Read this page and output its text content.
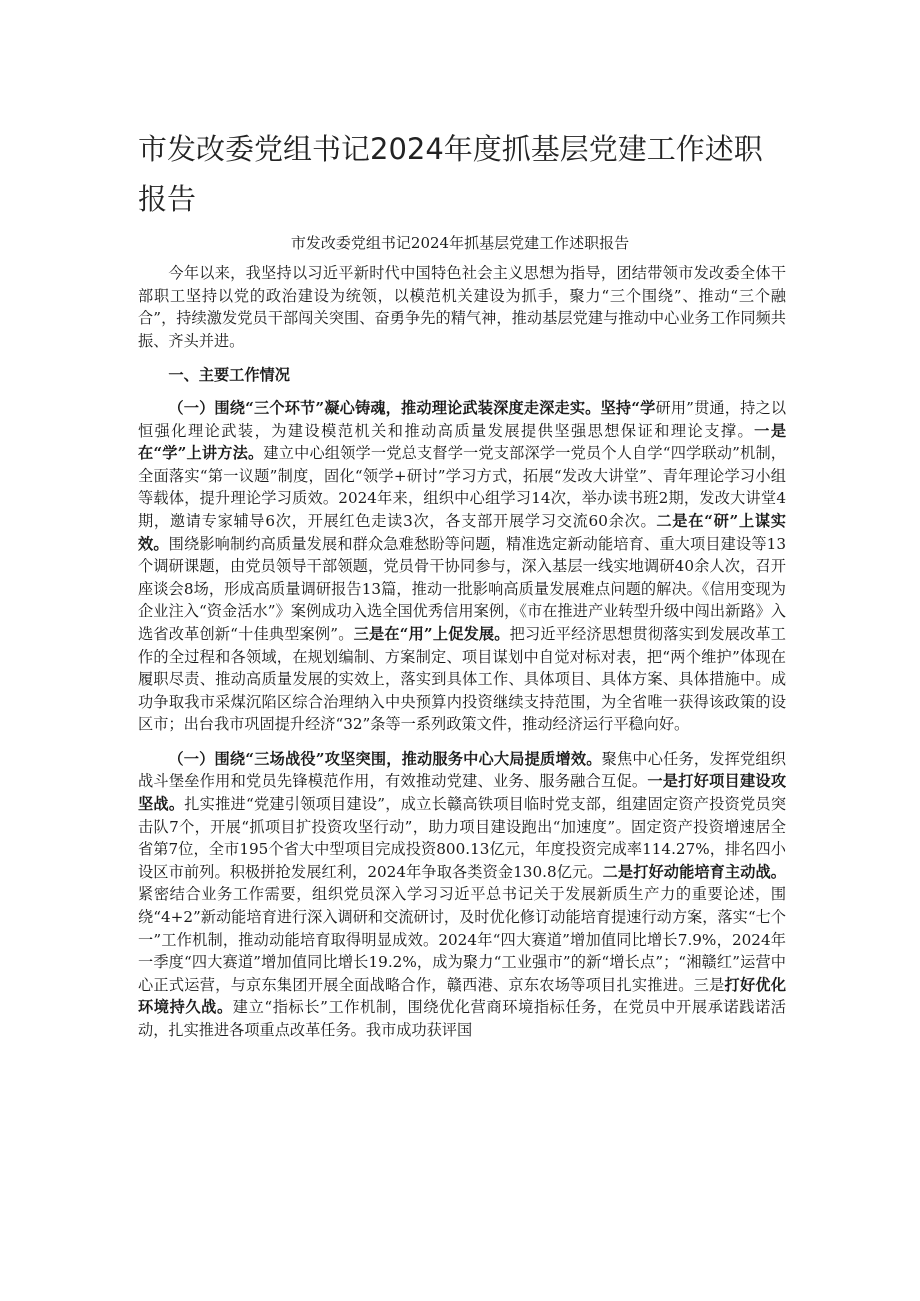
市发改委党组书记2024年度抓基层党建工作述职报告
市发改委党组书记2024年抓基层党建工作述职报告

今年以来，我坚持以习近平新时代中国特色社会主义思想为指导，团结带领市发改委全体干部职工坚持以党的政治建设为统领，以模范机关建设为抓手，聚力“三个围绕”、推动“三个融合”，持续激发党员干部闯关突围、奋勇争先的精气神，推动基层党建与推动中心业务工作同频共振、齐头并进。

一、主要工作情况

（一）围绕“三个环节”凝心铸魂，推动理论武装深度走深走实。坚持“学研用”贯通，持之以恒强化理论武装，为建设模范机关和推动高质量发展提供坚强思想保证和理论支撑。一是在“学”上讲方法。建立中心组领学一党总支督学一党支部深学一党员个人自学“四学联动”机制，全面落实“第一议题”制度，固化“领学+研讨”学习方式，拓展“发改大讲堂”、青年理论学习小组等载体，提升理论学习质效。2024年来，组织中心组学习14次，举办读书班2期，发改大讲堂4期，邀请专家辅导6次，开展红色走读3次，各支部开展学习交流60余次。二是在“研”上谋实效。围绕影响制约高质量发展和群众急难愁盼等问题，精准选定新动能培育、重大项目建设等13个调研课题，由党员领导干部领题，党员骨干协同参与，深入基层一线实地调研40余人次，召开座谈会8场，形成高质量调研报告13篇，推动一批影响高质量发展难点问题的解决。《信用变现为企业注入“资金活水”》案例成功入选全国优秀信用案例，《市在推进产业转型升级中闯出新路》入选省改革创新“十佳典型案例”。三是在“用”上促发展。把习近平经济思想贯彻落实到发展改革工作的全过程和各领域，在规划编制、方案制定、项目谋划中自觉对标对表，把“两个维护”体现在履职尽责、推动高质量发展的实效上，落实到具体工作、具体项目、具体方案、具体措施中。成功争取我市采煤沉陷区综合治理纳入中央预算内投资继续支持范围，为全省唯一获得该政策的设区市；出台我市巩固提升经济“32”条等一系列政策文件，推动经济运行平稳向好。

（一）围绕“三场战役”攻坚突围，推动服务中心大局提质增效。聚焦中心任务，发挥党组织战斗堡垒作用和党员先锋模范作用，有效推动党建、业务、服务融合互促。一是打好项目建设攻坚战。扎实推进“党建引领项目建设”，成立长赣高铁项目临时党支部，组建固定资产投资党员突击队7个，开展“抓项目扩投资攻坚行动”，助力项目建设跑出“加速度”。固定资产投资增速居全省第7位，全市195个省大中型项目完成投资800.13亿元，年度投资完成率114.27%，排名四小设区市前列。积极拼抢发展红利，2024年争取各类资金130.8亿元。二是打好动能培育主动战。紧密结合业务工作需要，组织党员深入学习习近平总书记关于发展新质生产力的重要论述，围绕“4+2”新动能培育进行深入调研和交流研讨，及时优化修订动能培育提速行动方案，落实“七个一”工作机制，推动动能培育取得明显成效。2024年“四大赛道”增加值同比增长7.9%，2024年一季度“四大赛道”增加值同比增长19.2%，成为聚力“工业强市”的新“增长点”；“湘赣红”运营中心正式运营，与京东集团开展全面战略合作，赣西港、京东农场等项目扎实推进。三是打好优化环境持久战。建立“指标长”工作机制，围绕优化营商环境指标任务，在党员中开展承诺践诺活动，扎实推进各项重点改革任务。我市成功获评国
